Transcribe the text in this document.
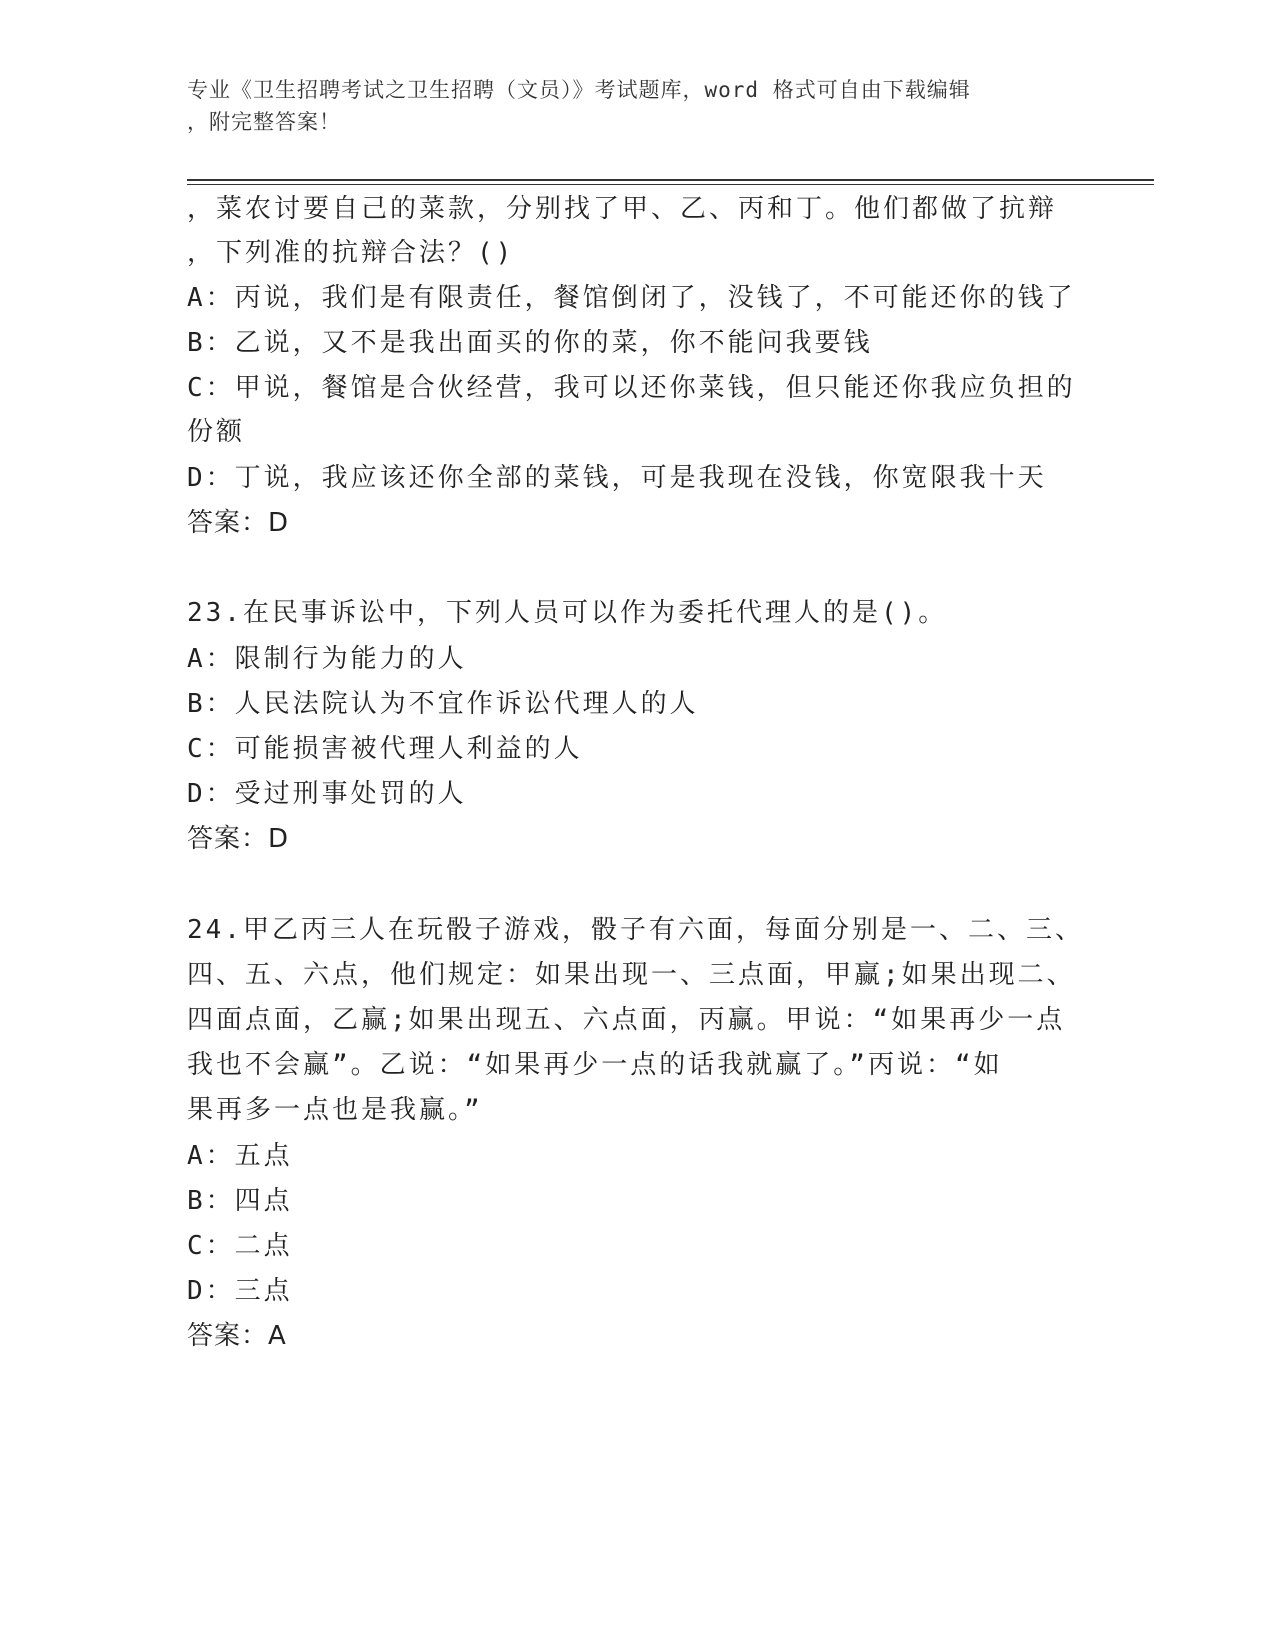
专业《卫生招聘考试之卫生招聘（文员）》考试题库，word 格式可自由下载编辑
，附完整答案！
，菜农讨要自己的菜款，分别找了甲、乙、丙和丁。他们都做了抗辩
，下列准的抗辩合法？()
A：丙说，我们是有限责任，餐馆倒闭了，没钱了，不可能还你的钱了
B：乙说，又不是我出面买的你的菜，你不能问我要钱
C：甲说，餐馆是合伙经营，我可以还你菜钱，但只能还你我应负担的
份额
D：丁说，我应该还你全部的菜钱，可是我现在没钱，你宽限我十天
答案：D
23.在民事诉讼中，下列人员可以作为委托代理人的是()。
A：限制行为能力的人
B：人民法院认为不宜作诉讼代理人的人
C：可能损害被代理人利益的人
D：受过刑事处罚的人
答案：D
24.甲乙丙三人在玩骰子游戏，骰子有六面，每面分别是一、二、三、
四、五、六点，他们规定：如果出现一、三点面，甲赢;如果出现二、
四面点面，乙赢;如果出现五、六点面，丙赢。甲说：“如果再少一点
我也不会赢”。乙说：“如果再少一点的话我就赢了。”丙说：“如
果再多一点也是我赢。”
A：五点
B：四点
C：二点
D：三点
答案：A
